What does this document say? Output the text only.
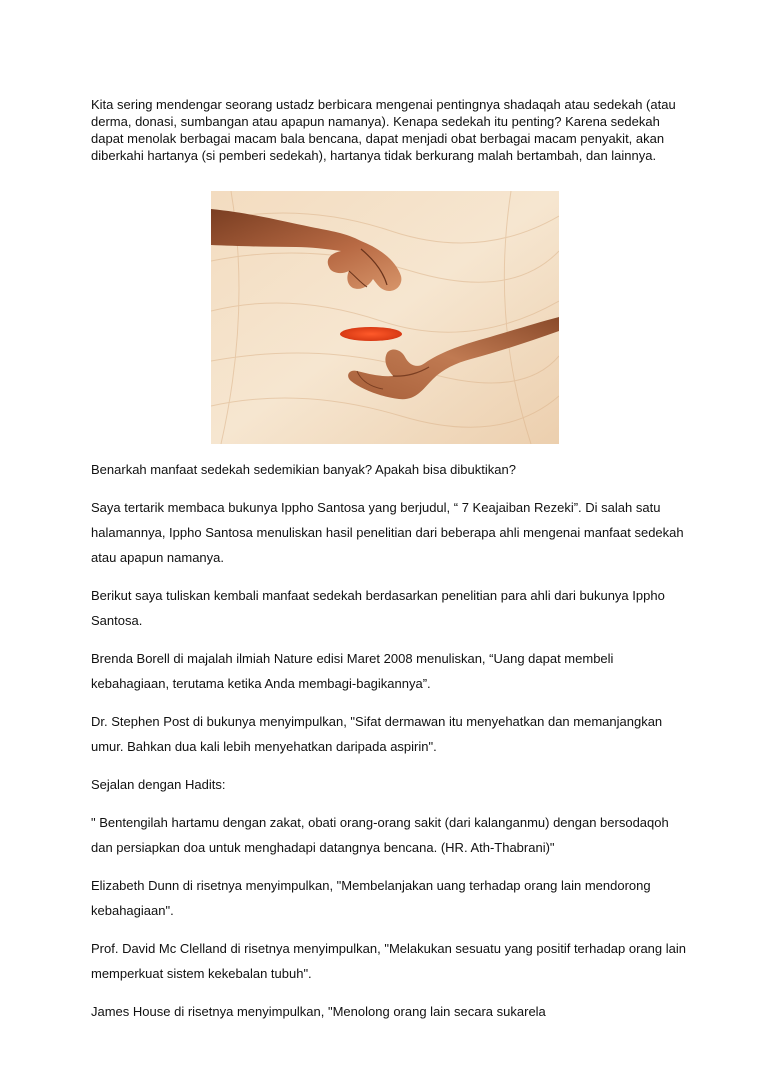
Kita sering mendengar seorang ustadz berbicara mengenai pentingnya shadaqah atau sedekah (atau derma, donasi, sumbangan atau apapun namanya). Kenapa sedekah itu penting? Karena sedekah dapat menolak berbagai macam bala bencana, dapat menjadi obat berbagai macam penyakit, akan diberkahi hartanya (si pemberi sedekah), hartanya tidak berkurang malah bertambah, dan lainnya.

Benarkah manfaat sedekah sedemikian banyak? Apakah bisa dibuktikan?

Saya tertarik membaca bukunya Ippho Santosa yang berjudul, “ 7 Keajaiban Rezeki”. Di salah satu halamannya, Ippho Santosa menuliskan hasil penelitian dari beberapa ahli mengenai manfaat sedekah atau apapun namanya.

Berikut saya tuliskan kembali manfaat sedekah berdasarkan penelitian para ahli dari bukunya Ippho Santosa.

Brenda Borell di majalah ilmiah Nature edisi Maret 2008 menuliskan, “Uang dapat membeli kebahagiaan, terutama ketika Anda membagi-bagikannya”.

Dr. Stephen Post di bukunya menyimpulkan, "Sifat dermawan itu menyehatkan dan memanjangkan umur. Bahkan dua kali lebih menyehatkan daripada aspirin".

Sejalan dengan Hadits:

" Bentengilah hartamu dengan zakat, obati orang-orang sakit (dari kalanganmu) dengan bersodaqoh dan persiapkan doa untuk menghadapi datangnya bencana. (HR. Ath-Thabrani)"

Elizabeth Dunn di risetnya menyimpulkan, "Membelanjakan uang terhadap orang lain mendorong kebahagiaan".

Prof. David Mc Clelland di risetnya menyimpulkan, "Melakukan sesuatu yang positif terhadap orang lain memperkuat sistem kekebalan tubuh".

James House di risetnya menyimpulkan, "Menolong orang lain secara sukarela
